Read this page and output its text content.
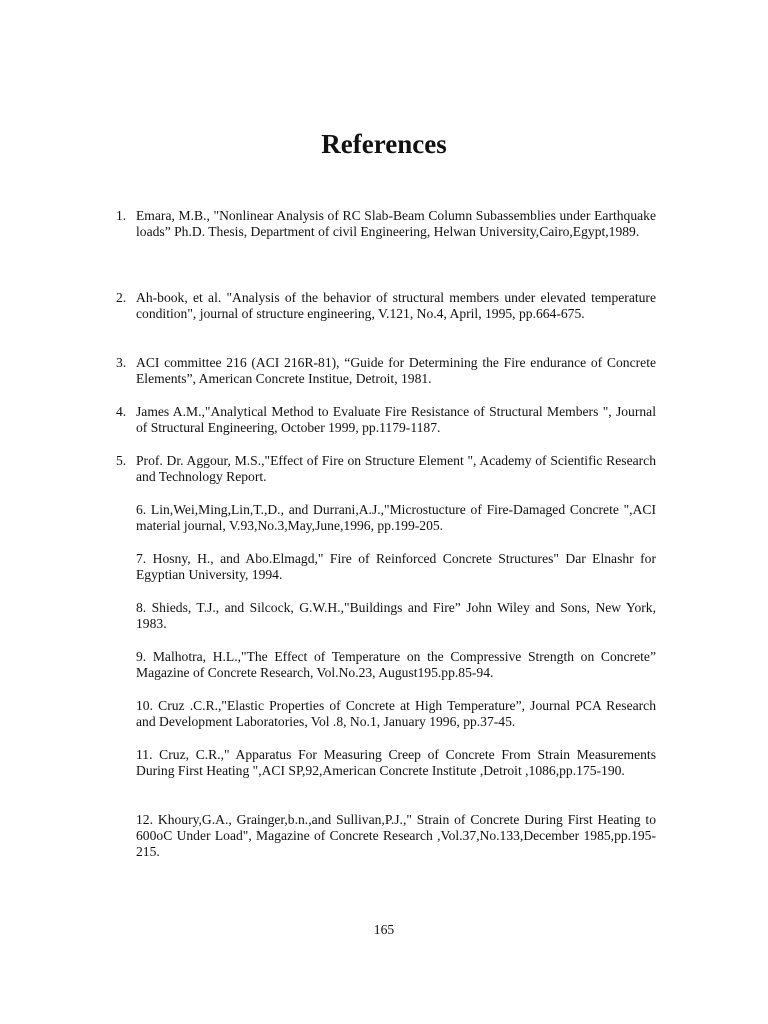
References

1. Emara, M.B., "Nonlinear Analysis of RC Slab-Beam Column Subassemblies under Earthquake loads” Ph.D. Thesis, Department of civil Engineering, Helwan University,Cairo,Egypt,1989.

2. Ah-book, et al. "Analysis of the behavior of structural members under elevated temperature condition", journal of structure engineering, V.121, No.4, April, 1995, pp.664-675.

3. ACI committee 216 (ACI 216R-81), “Guide for Determining the Fire endurance of Concrete Elements”, American Concrete Institue, Detroit, 1981.

4. James A.M.,"Analytical Method to Evaluate Fire Resistance of Structural Members ", Journal of Structural Engineering, October 1999, pp.1179-1187.

5. Prof. Dr. Aggour, M.S.,"Effect of Fire on Structure Element ", Academy of Scientific Research and Technology Report.

6. Lin,Wei,Ming,Lin,T.,D., and Durrani,A.J.,"Microstucture of Fire-Damaged Concrete ",ACI material journal, V.93,No.3,May,June,1996, pp.199-205.

7. Hosny, H., and Abo.Elmagd," Fire of Reinforced Concrete Structures" Dar Elnashr for Egyptian University, 1994.

8. Shieds, T.J., and Silcock, G.W.H.,"Buildings and Fire” John Wiley and Sons, New York, 1983.

9. Malhotra, H.L.,"The Effect of Temperature on the Compressive Strength on Concrete” Magazine of Concrete Research, Vol.No.23, August195.pp.85-94.

10. Cruz .C.R.,"Elastic Properties of Concrete at High Temperature”, Journal PCA Research and Development Laboratories, Vol .8, No.1, January 1996, pp.37-45.

11. Cruz, C.R.," Apparatus For Measuring Creep of Concrete From Strain Measurements During First Heating ",ACI SP,92,American Concrete Institute ,Detroit ,1086,pp.175-190.

12. Khoury,G.A., Grainger,b.n.,and Sullivan,P.J.," Strain of Concrete During First Heating to 600oC Under Load", Magazine of Concrete Research ,Vol.37,No.133,December 1985,pp.195-215.

165
